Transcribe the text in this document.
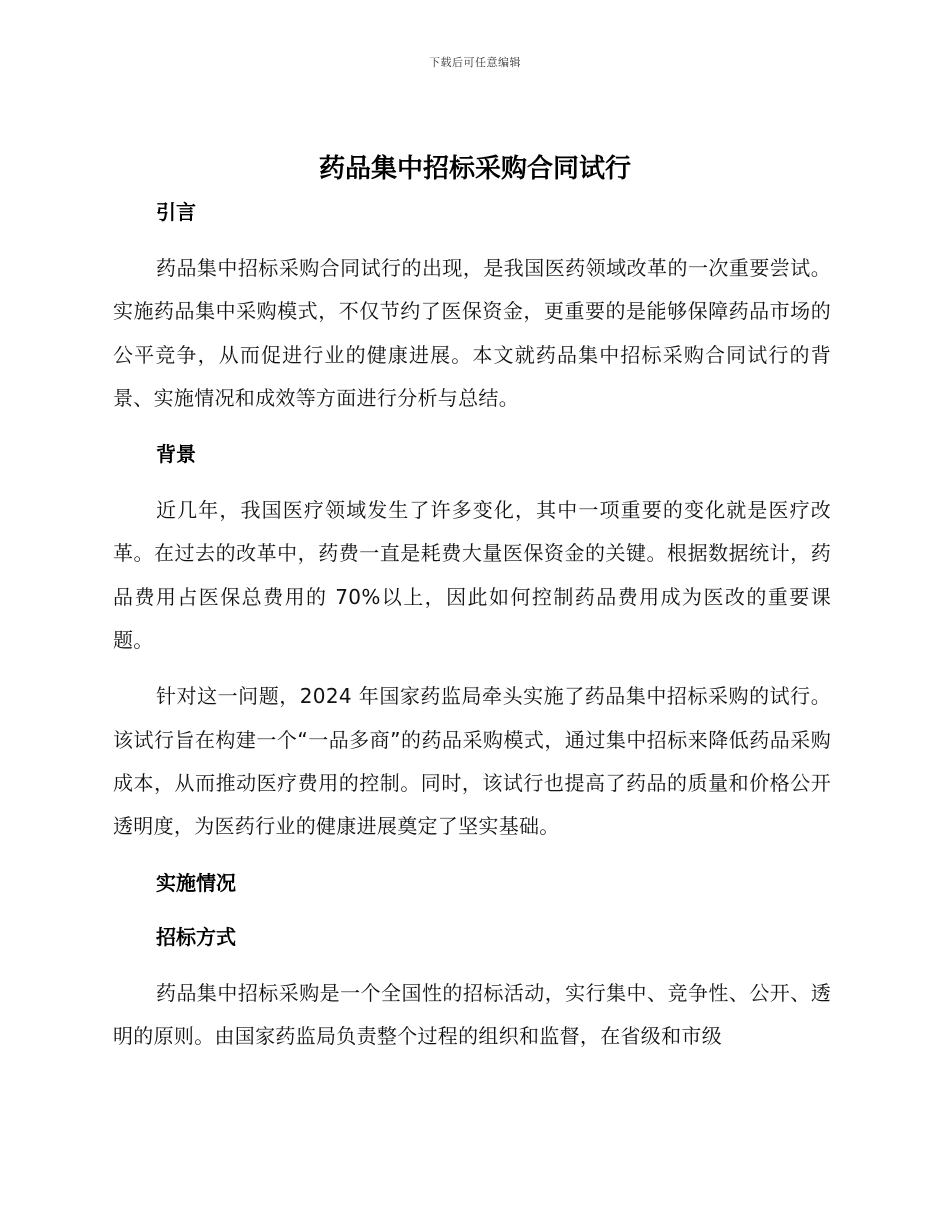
下载后可任意编辑
药品集中招标采购合同试行

引言

药品集中招标采购合同试行的出现，是我国医药领域改革的一次重要尝试。实施药品集中采购模式，不仅节约了医保资金，更重要的是能够保障药品市场的公平竞争，从而促进行业的健康进展。本文就药品集中招标采购合同试行的背景、实施情况和成效等方面进行分析与总结。

背景

近几年，我国医疗领域发生了许多变化，其中一项重要的变化就是医疗改革。在过去的改革中，药费一直是耗费大量医保资金的关键。根据数据统计，药品费用占医保总费用的 70%以上，因此如何控制药品费用成为医改的重要课题。

针对这一问题，2024 年国家药监局牵头实施了药品集中招标采购的试行。该试行旨在构建一个“一品多商”的药品采购模式，通过集中招标来降低药品采购成本，从而推动医疗费用的控制。同时，该试行也提高了药品的质量和价格公开透明度，为医药行业的健康进展奠定了坚实基础。

实施情况

招标方式

药品集中招标采购是一个全国性的招标活动，实行集中、竞争性、公开、透明的原则。由国家药监局负责整个过程的组织和监督，在省级和市级
